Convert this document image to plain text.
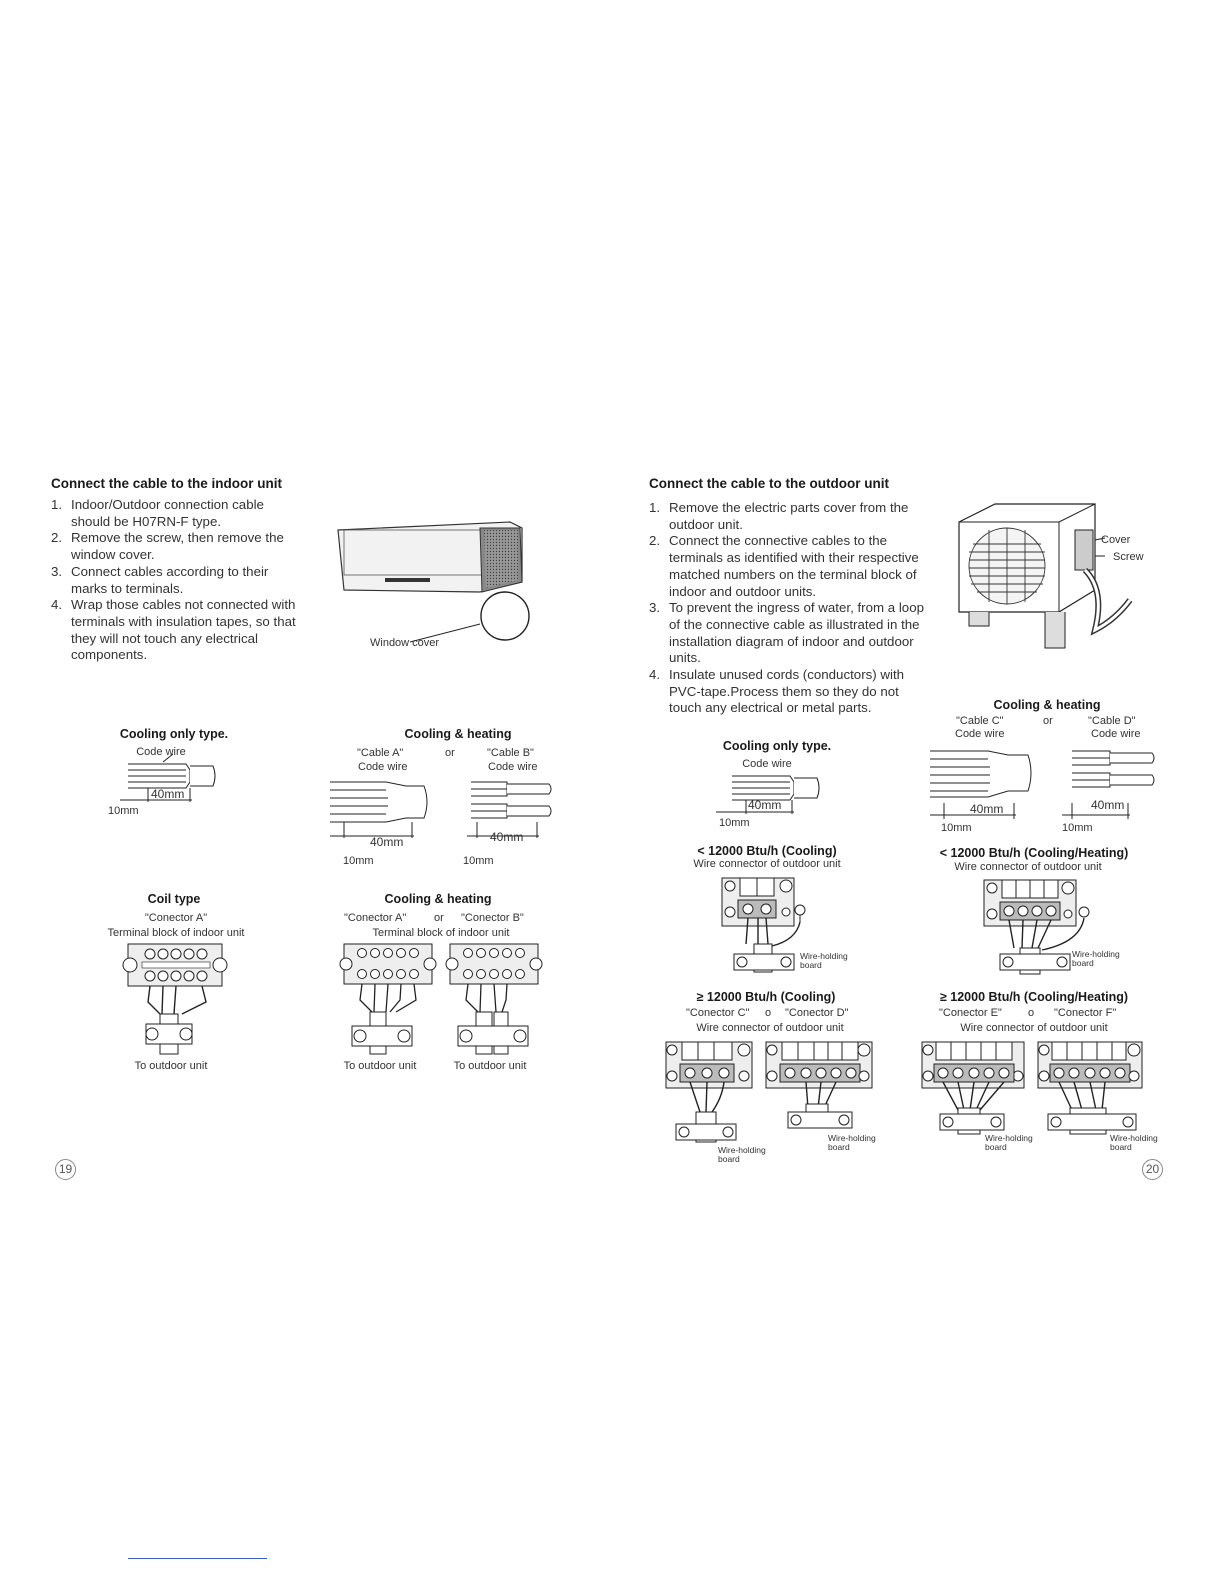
Connect the cable to the indoor unit
1. Indoor/Outdoor connection cable should be H07RN-F type.
2. Remove the screw, then remove the window cover.
3. Connect cables according to their marks to terminals.
4. Wrap those cables not connected with terminals with insulation tapes, so that they will not touch any electrical components.
Window cover
Cooling only type.
Code wire
40mm
10mm
Cooling & heating
"Cable A"	or	"Cable B"
Code wire	Code wire
40mm	40mm
10mm	10mm
Coil type
"Conector A"
Terminal block of indoor unit
To outdoor unit
Cooling & heating
"Conector A"	or "Conector B"
Terminal block of indoor unit
To outdoor unit	To outdoor unit
19
Connect the cable to the outdoor unit
1. Remove the electric parts cover from the outdoor unit.
2. Connect the connective cables to the terminals as identified with their respective matched numbers on the terminal block of indoor and outdoor units.
3. To prevent the ingress of water, from a loop of the connective cable as illustrated in the installation diagram of indoor and outdoor units.
4. Insulate unused cords (conductors) with PVC-tape.Process them so they do not touch any electrical or metal parts.
Cover
Screw
Cooling only type.
Code wire
40mm
10mm
Cooling & heating
"Cable C"	or	"Cable D"
Code wire	Code wire
40mm	40mm
10mm	10mm
< 12000 Btu/h (Cooling)
Wire connector of outdoor unit
Wire-holding board
< 12000 Btu/h (Cooling/Heating)
Wire connector of outdoor unit
Wire-holding board
≥ 12000 Btu/h (Cooling)
"Conector C" o "Conector D"
Wire connector of outdoor unit
Wire-holding board
Wire-holding board
≥ 12000 Btu/h (Cooling/Heating)
"Conector E" o "Conector F"
Wire connector of outdoor unit
Wire-holding board
Wire-holding board
20
